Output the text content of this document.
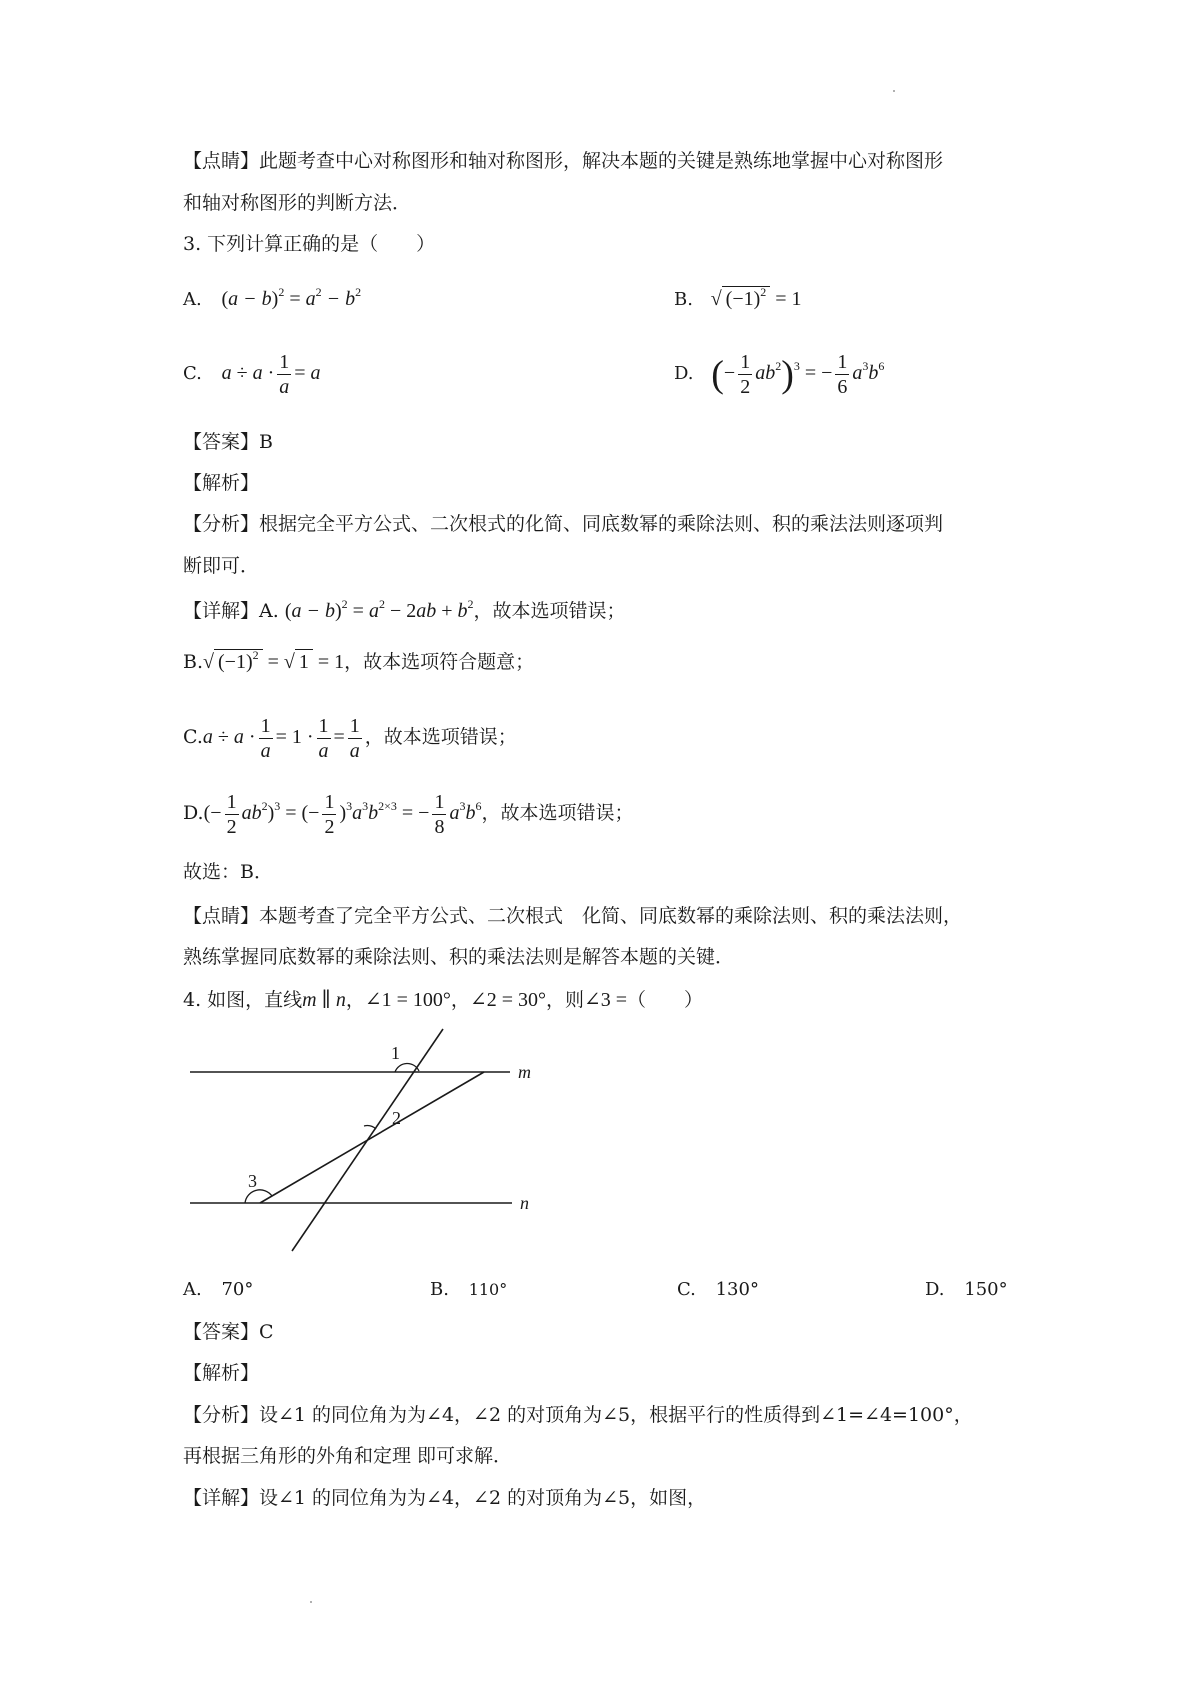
【点睛】此题考查中心对称图形和轴对称图形，解决本题的关键是熟练地掌握中心对称图形
和轴对称图形的判断方法．
3. 下列计算正确的是（　　）
A. $(a - b)^2 = a^2 - b^2$	B. √ $(-1)^2 = 1$
C. $a \div a \cdot \frac{1}{a} = a$	D. (− $\frac{1}{2} ab^2)^3$ = − $\frac{1}{6} a^3b^6$
【答案】B
【解析】
【分析】根据完全平方公式、二次根式的化简、同底数幂的乘除法则、积的乘法法则逐项判
断即可．
【详解】A. $(a - b)^2 = a^2 - 2ab + b^2$，故本选项错误；
B.√ $(-1)^2$ = √ 1 = 1，故本选项符合题意；
$C.a \div a \cdot \frac{1}{a} = 1 \cdot \frac{1}{a} = \frac{1}{a}$ ，故本选项错误；
$D.(- \frac{1}{2} ab^2)^3$ = (− $\frac{1}{2} )^3a^3b^{2\times 3}$ = − $\frac{1}{8} a^3b^6$，故本选项错误；
故选：B．
【点睛】本题考查了完全平方公式、二次根式　化简、同底数幂的乘除法则、积的乘法法则，
熟练掌握同底数幂的乘除法则、积的乘法法则是解答本题的关键．
4. 如图，直线m ∥ n，∠1 = 100°，∠2 = 30°，则∠3 =（　　）
1
2
3
m
n
A. 70°	B. 110°	C. 130°	D. 150°
【答案】C
【解析】
【分析】设∠1 的同位角为为∠4，∠2 的对顶角为∠5，根据平行的性质得到∠1=∠4=100°，
再根据三角形的外角和定理 即可求解．
【详解】设∠1 的同位角为为∠4，∠2 的对顶角为∠5，如图，
